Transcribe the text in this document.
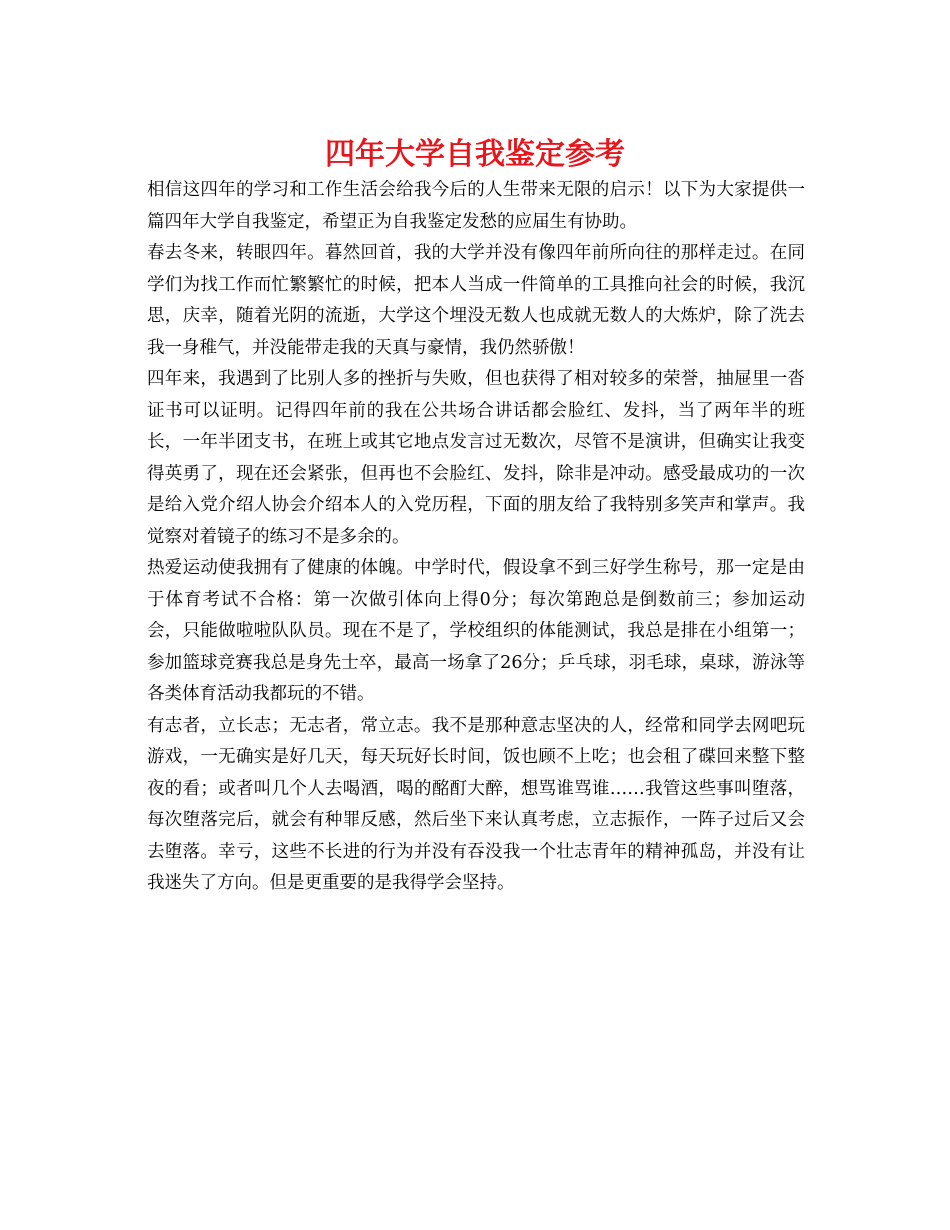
四年大学自我鉴定参考

相信这四年的学习和工作生活会给我今后的人生带来无限的启示！以下为大家提供一篇四年大学自我鉴定，希望正为自我鉴定发愁的应届生有协助。

春去冬来，转眼四年。暮然回首，我的大学并没有像四年前所向往的那样走过。在同学们为找工作而忙繁繁忙的时候，把本人当成一件简单的工具推向社会的时候，我沉思，庆幸，随着光阴的流逝，大学这个埋没无数人也成就无数人的大炼炉，除了洗去我一身稚气，并没能带走我的天真与豪情，我仍然骄傲！

四年来，我遇到了比别人多的挫折与失败，但也获得了相对较多的荣誉，抽屉里一沓证书可以证明。记得四年前的我在公共场合讲话都会脸红、发抖，当了两年半的班长，一年半团支书，在班上或其它地点发言过无数次，尽管不是演讲，但确实让我变得英勇了，现在还会紧张，但再也不会脸红、发抖，除非是冲动。感受最成功的一次是给入党介绍人协会介绍本人的入党历程，下面的朋友给了我特别多笑声和掌声。我觉察对着镜子的练习不是多余的。

热爱运动使我拥有了健康的体魄。中学时代，假设拿不到三好学生称号，那一定是由于体育考试不合格：第一次做引体向上得0分；每次第跑总是倒数前三；参加运动会，只能做啦啦队队员。现在不是了，学校组织的体能测试，我总是排在小组第一；参加篮球竞赛我总是身先士卒，最高一场拿了26分；乒乓球，羽毛球，桌球，游泳等各类体育活动我都玩的不错。

有志者，立长志；无志者，常立志。我不是那种意志坚决的人，经常和同学去网吧玩游戏，一无确实是好几天，每天玩好长时间，饭也顾不上吃；也会租了碟回来整下整夜的看；或者叫几个人去喝酒，喝的酩酊大醉，想骂谁骂谁……我管这些事叫堕落，每次堕落完后，就会有种罪反感，然后坐下来认真考虑，立志振作，一阵子过后又会去堕落。幸亏，这些不长进的行为并没有吞没我一个壮志青年的精神孤岛，并没有让我迷失了方向。但是更重要的是我得学会坚持。
